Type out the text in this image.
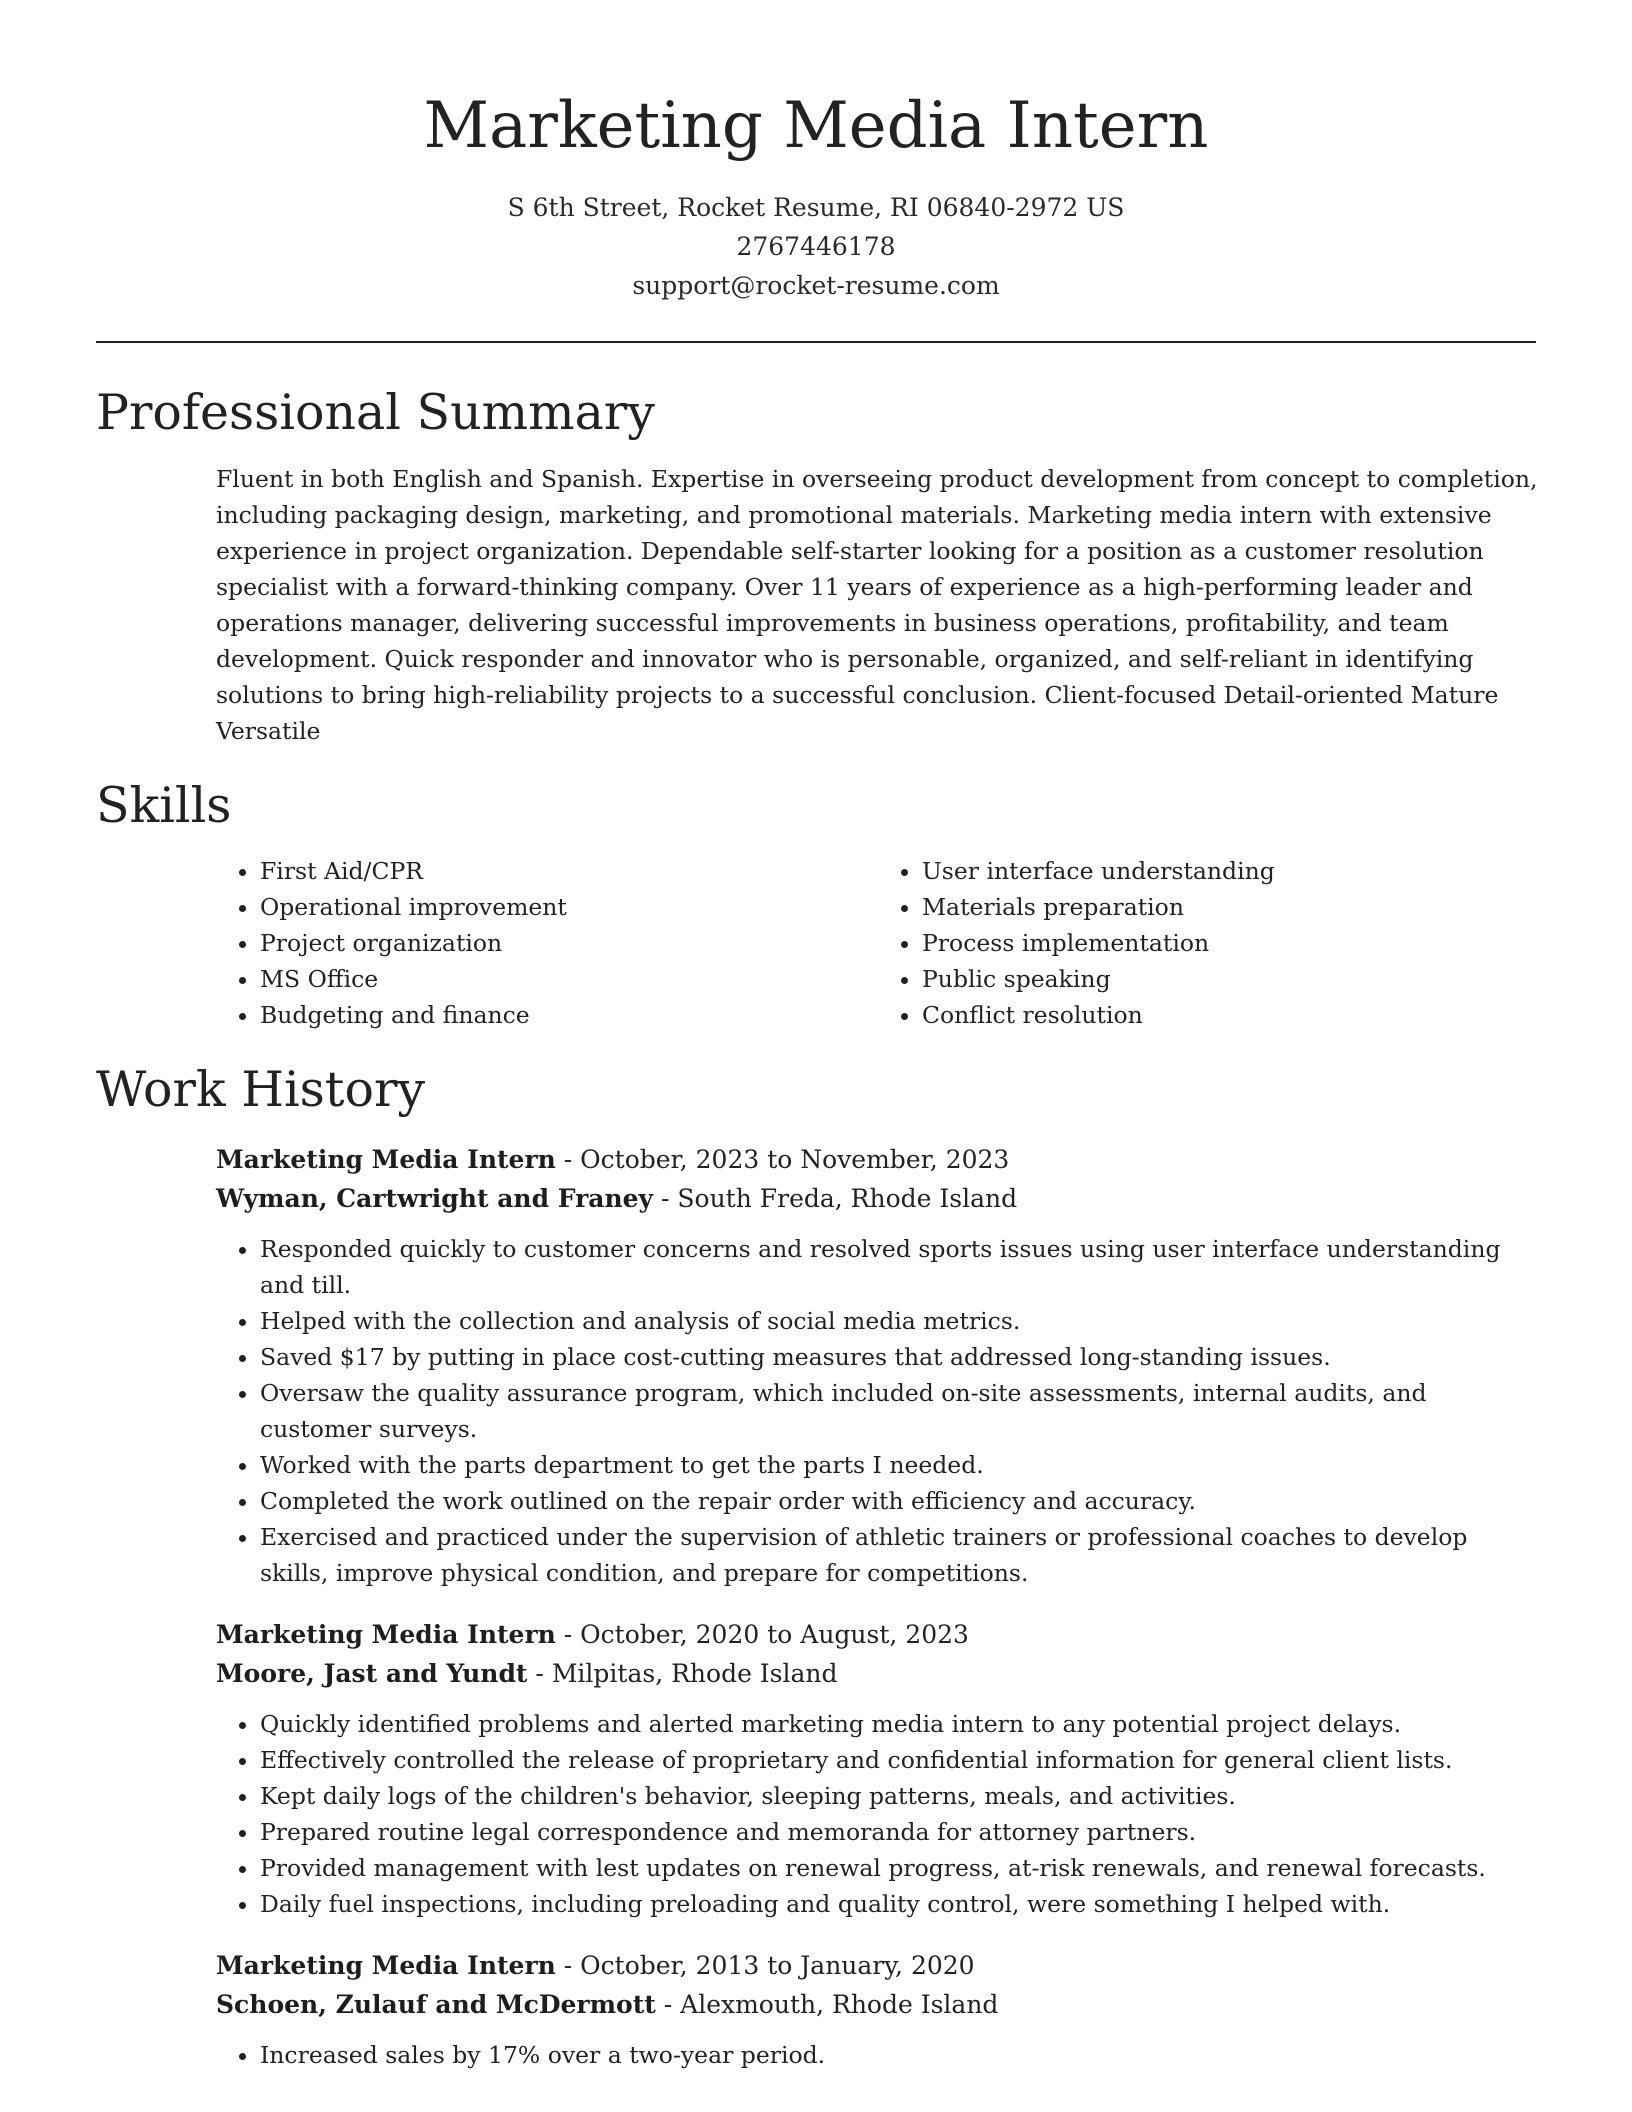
Marketing Media Intern
S 6th Street, Rocket Resume, RI 06840-2972 US
2767446178
support@rocket-resume.com
Professional Summary

Fluent in both English and Spanish. Expertise in overseeing product development from concept to completion, including packaging design, marketing, and promotional materials. Marketing media intern with extensive experience in project organization. Dependable self-starter looking for a position as a customer resolution specialist with a forward-thinking company. Over 11 years of experience as a high-performing leader and operations manager, delivering successful improvements in business operations, profitability, and team development. Quick responder and innovator who is personable, organized, and self-reliant in identifying solutions to bring high-reliability projects to a successful conclusion. Client-focused Detail-oriented Mature Versatile

Skills
• First Aid/CPR
• Operational improvement
• Project organization
• MS Office
• Budgeting and finance
• User interface understanding
• Materials preparation
• Process implementation
• Public speaking
• Conflict resolution
Work History
Marketing Media Intern - October, 2023 to November, 2023
Wyman, Cartwright and Franey - South Freda, Rhode Island
• Responded quickly to customer concerns and resolved sports issues using user interface understanding and till.
• Helped with the collection and analysis of social media metrics.
• Saved $17 by putting in place cost-cutting measures that addressed long-standing issues.
• Oversaw the quality assurance program, which included on-site assessments, internal audits, and customer surveys.
• Worked with the parts department to get the parts I needed.
• Completed the work outlined on the repair order with efficiency and accuracy.
• Exercised and practiced under the supervision of athletic trainers or professional coaches to develop skills, improve physical condition, and prepare for competitions.
Marketing Media Intern - October, 2020 to August, 2023
Moore, Jast and Yundt - Milpitas, Rhode Island
• Quickly identified problems and alerted marketing media intern to any potential project delays.
• Effectively controlled the release of proprietary and confidential information for general client lists.
• Kept daily logs of the children's behavior, sleeping patterns, meals, and activities.
• Prepared routine legal correspondence and memoranda for attorney partners.
• Provided management with lest updates on renewal progress, at-risk renewals, and renewal forecasts.
• Daily fuel inspections, including preloading and quality control, were something I helped with.
Marketing Media Intern - October, 2013 to January, 2020
Schoen, Zulauf and McDermott - Alexmouth, Rhode Island
• Increased sales by 17% over a two-year period.
